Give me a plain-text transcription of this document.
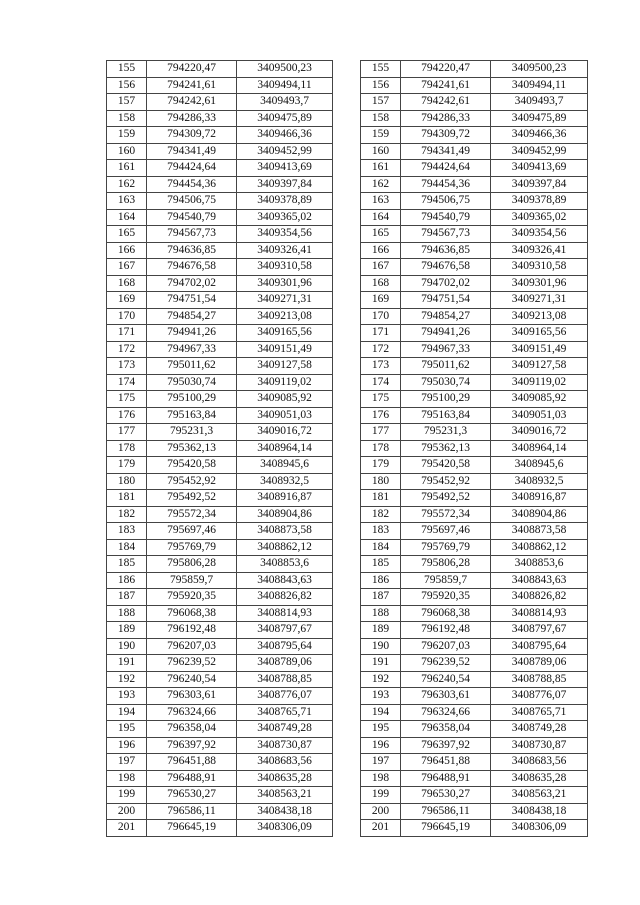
155	794220,47	3409500,23
156	794241,61	3409494,11
157	794242,61	3409493,7
158	794286,33	3409475,89
159	794309,72	3409466,36
160	794341,49	3409452,99
161	794424,64	3409413,69
162	794454,36	3409397,84
163	794506,75	3409378,89
164	794540,79	3409365,02
165	794567,73	3409354,56
166	794636,85	3409326,41
167	794676,58	3409310,58
168	794702,02	3409301,96
169	794751,54	3409271,31
170	794854,27	3409213,08
171	794941,26	3409165,56
172	794967,33	3409151,49
173	795011,62	3409127,58
174	795030,74	3409119,02
175	795100,29	3409085,92
176	795163,84	3409051,03
177	795231,3	3409016,72
178	795362,13	3408964,14
179	795420,58	3408945,6
180	795452,92	3408932,5
181	795492,52	3408916,87
182	795572,34	3408904,86
183	795697,46	3408873,58
184	795769,79	3408862,12
185	795806,28	3408853,6
186	795859,7	3408843,63
187	795920,35	3408826,82
188	796068,38	3408814,93
189	796192,48	3408797,67
190	796207,03	3408795,64
191	796239,52	3408789,06
192	796240,54	3408788,85
193	796303,61	3408776,07
194	796324,66	3408765,71
195	796358,04	3408749,28
196	796397,92	3408730,87
197	796451,88	3408683,56
198	796488,91	3408635,28
199	796530,27	3408563,21
200	796586,11	3408438,18
201	796645,19	3408306,09
155	794220,47	3409500,23
156	794241,61	3409494,11
157	794242,61	3409493,7
158	794286,33	3409475,89
159	794309,72	3409466,36
160	794341,49	3409452,99
161	794424,64	3409413,69
162	794454,36	3409397,84
163	794506,75	3409378,89
164	794540,79	3409365,02
165	794567,73	3409354,56
166	794636,85	3409326,41
167	794676,58	3409310,58
168	794702,02	3409301,96
169	794751,54	3409271,31
170	794854,27	3409213,08
171	794941,26	3409165,56
172	794967,33	3409151,49
173	795011,62	3409127,58
174	795030,74	3409119,02
175	795100,29	3409085,92
176	795163,84	3409051,03
177	795231,3	3409016,72
178	795362,13	3408964,14
179	795420,58	3408945,6
180	795452,92	3408932,5
181	795492,52	3408916,87
182	795572,34	3408904,86
183	795697,46	3408873,58
184	795769,79	3408862,12
185	795806,28	3408853,6
186	795859,7	3408843,63
187	795920,35	3408826,82
188	796068,38	3408814,93
189	796192,48	3408797,67
190	796207,03	3408795,64
191	796239,52	3408789,06
192	796240,54	3408788,85
193	796303,61	3408776,07
194	796324,66	3408765,71
195	796358,04	3408749,28
196	796397,92	3408730,87
197	796451,88	3408683,56
198	796488,91	3408635,28
199	796530,27	3408563,21
200	796586,11	3408438,18
201	796645,19	3408306,09
